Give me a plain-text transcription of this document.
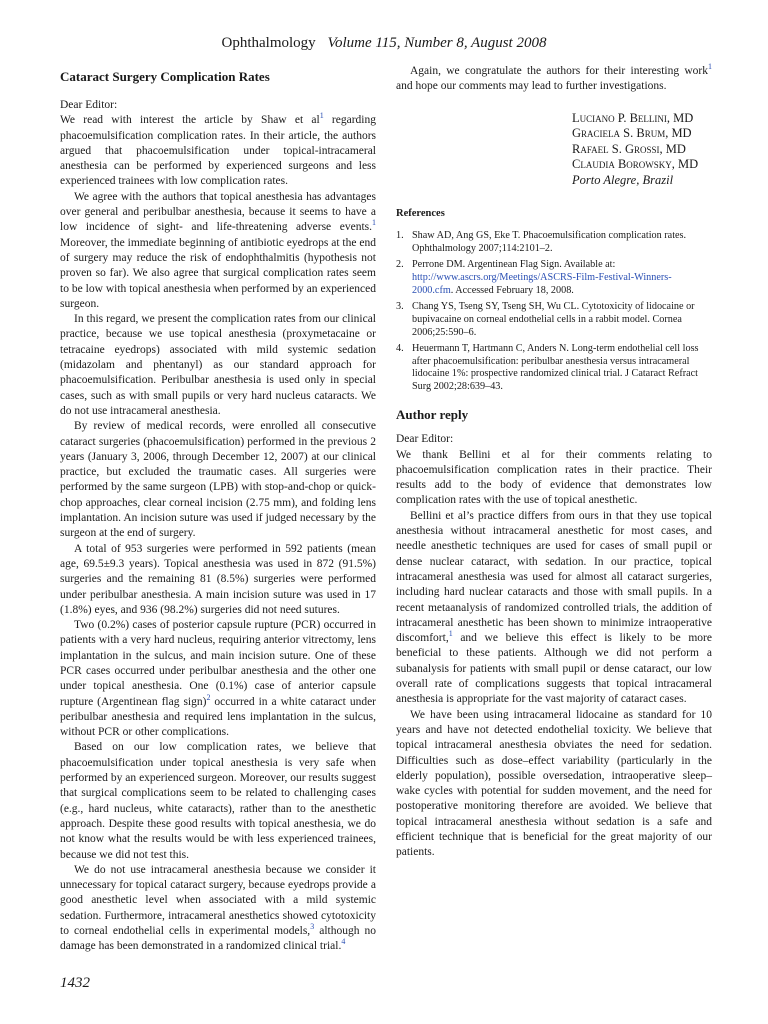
Ophthalmology Volume 115, Number 8, August 2008
Cataract Surgery Complication Rates

Dear Editor:

We read with interest the article by Shaw et $al^1$ regarding phacoemulsification complication rates. In their article, the authors argued that phacoemulsification under topical-intracameral anesthesia can be performed by experienced surgeons and less experienced trainees with low complication rates.

We agree with the authors that topical anesthesia has advantages over general and peribulbar anesthesia, because it seems to have a low incidence of sight- and life-threatening adverse events.$^1$ Moreover, the immediate beginning of antibiotic eyedrops at the end of surgery may reduce the risk of endophthalmitis (hypothesis not proven so far). We also agree that surgical complication rates seem to be low with topical anesthesia when performed by an experienced surgeon.

In this regard, we present the complication rates from our clinical practice, because we use topical anesthesia (proxymetacaine or tetracaine eyedrops) associated with mild systemic sedation (midazolam and phentanyl) as our standard approach for phacoemulsification. Peribulbar anesthesia is used only in special cases, such as with small pupils or very hard nucleus cataracts. We do not use intracameral anesthesia.

By review of medical records, were enrolled all consecutive cataract surgeries (phacoemulsification) performed in the previous 2 years (January 3, 2006, through December 12, 2007) at our clinical practice, but excluded the traumatic cases. All surgeries were performed by the same surgeon (LPB) with stop-and-chop or quick-chop approaches, clear corneal incision (2.75 mm), and folding lens implantation. An incision suture was used if judged necessary by the surgeon at the end of surgery.

A total of 953 surgeries were performed in 592 patients (mean age, 69.5±9.3 years). Topical anesthesia was used in 872 (91.5%) surgeries and the remaining 81 (8.5%) surgeries were performed under peribulbar anesthesia. A main incision suture was used in 17 (1.8%) eyes, and 936 (98.2%) surgeries did not need sutures.

Two (0.2%) cases of posterior capsule rupture (PCR) occurred in patients with a very hard nucleus, requiring anterior vitrectomy, lens implantation in the sulcus, and main incision suture. One of these PCR cases occurred under peribulbar anesthesia and the other one under topical anesthesia. One (0.1%) case of anterior capsule rupture (Argentinean flag sign)$^2$ occurred in a white cataract under peribulbar anesthesia and required lens implantation in the sulcus, without PCR or other complications.

Based on our low complication rates, we believe that phacoemulsification under topical anesthesia is very safe when performed by an experienced surgeon. Moreover, our results suggest that surgical complications seem to be related to challenging cases (e.g., hard nucleus, white cataracts), rather than to the anesthetic approach. Despite these good results with topical anesthesia, we do not know what the results would be with less experienced trainees, because we did not test this.

We do not use intracameral anesthesia because we consider it unnecessary for topical cataract surgery, because eyedrops provide a good anesthetic level when associated with a mild systemic sedation. Furthermore, intracameral anesthetics showed cytotoxicity to corneal endothelial cells in experimental models,$^3$ although no damage has been demonstrated in a randomized clinical trial.$^4$

Again, we congratulate the authors for their interesting work$^1$ and hope our comments may lead to further investigations.

Luciano P. Bellini, MD
Graciela S. Brum, MD
Rafael S. Grossi, MD
Claudia Borowsky, MD
Porto Alegre, Brazil
References
1. Shaw AD, Ang GS, Eke T. Phacoemulsification complication rates. Ophthalmology 2007;114:2101–2.
2. Perrone DM. Argentinean Flag Sign. Available at: http://www.ascrs.org/Meetings/ASCRS-Film-Festival-Winners-2000.cfm. Accessed February 18, 2008.
3. Chang YS, Tseng SY, Tseng SH, Wu CL. Cytotoxicity of lidocaine or bupivacaine on corneal endothelial cells in a rabbit model. Cornea 2006;25:590–6.
4. Heuermann T, Hartmann C, Anders N. Long-term endothelial cell loss after phacoemulsification: peribulbar anesthesia versus intracameral lidocaine 1%: prospective randomized clinical trial. J Cataract Refract Surg 2002;28:639–43.
Author reply

Dear Editor:

We thank Bellini et al for their comments relating to phacoemulsification complication rates in their practice. Their results add to the body of evidence that demonstrates low complication rates with the use of topical anesthetic.

Bellini et al’s practice differs from ours in that they use topical anesthesia without intracameral anesthetic for most cases, and needle anesthetic techniques are used for cases of small pupil or dense nuclear cataract, with sedation. In our practice, topical intracameral anesthesia was used for almost all cataract surgeries, including hard nuclear cataracts and those with small pupils. In a recent metaanalysis of randomized controlled trials, the addition of intracameral anesthetic has been shown to minimize intraoperative discomfort,$^1$ and we believe this effect is likely to be more beneficial to these patients. Although we did not perform a subanalysis for patients with small pupil or dense cataract, our low overall rate of complications suggests that topical intracameral anesthesia is appropriate for the vast majority of cataract cases.

We have been using intracameral lidocaine as standard for 10 years and have not detected endothelial toxicity. We believe that topical intracameral anesthesia obviates the need for sedation. Difficulties such as dose–effect variability (particularly in the elderly population), possible oversedation, intraoperative sleep–wake cycles with potential for sudden movement, and the need for postoperative monitoring therefore are avoided. We believe that topical intracameral anesthesia without sedation is a safe and efficient technique that is beneficial for the great majority of our patients.

1432
